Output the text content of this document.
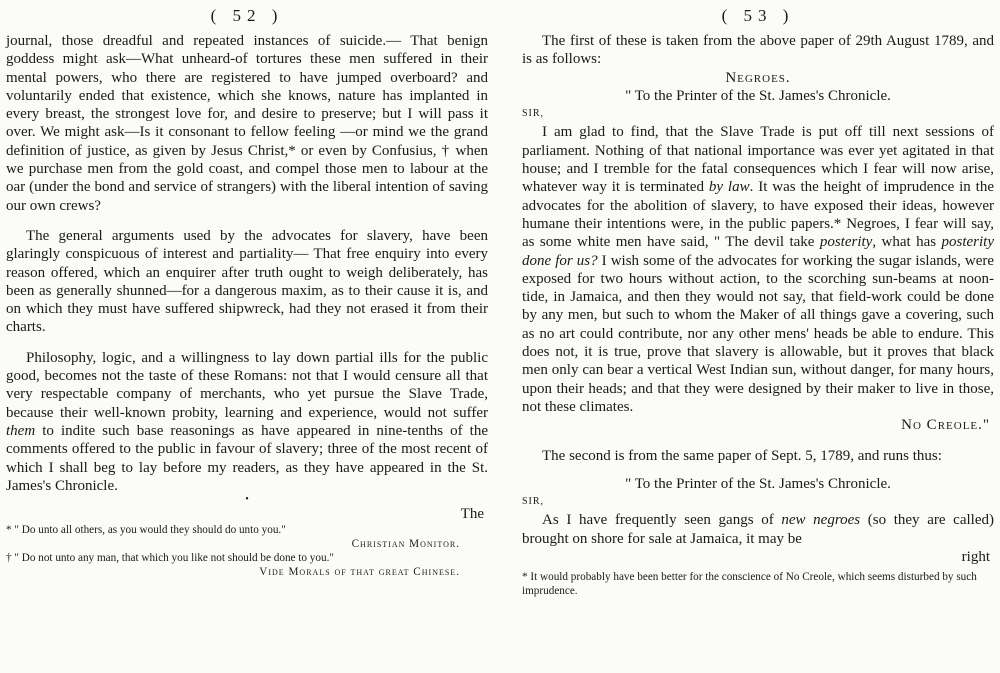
( 52 )

journal, those dreadful and repeated instances of suicide.— That benign goddess might ask—What unheard-of tortures these men suffered in their mental powers, who there are registered to have jumped overboard? and voluntarily ended that existence, which she knows, nature has implanted in every breast, the strongest love for, and desire to preserve; but I will pass it over. We might ask—Is it consonant to fellow feeling —or mind we the grand definition of justice, as given by Jesus Christ,* or even by Confusius, † when we purchase men from the gold coast, and compel those men to labour at the oar (under the bond and service of strangers) with the liberal intention of saving our own crews?

The general arguments used by the advocates for slavery, have been glaringly conspicuous of interest and partiality— That free enquiry into every reason offered, which an enquirer after truth ought to weigh deliberately, has been as generally shunned—for a dangerous maxim, as to their cause it is, and on which they must have suffered shipwreck, had they not erased it from their charts.

Philosophy, logic, and a willingness to lay down partial ills for the public good, becomes not the taste of these Romans: not that I would censure all that very respectable company of merchants, who yet pursue the Slave Trade, because their well-known probity, learning and experience, would not suffer them to indite such base reasonings as have appeared in nine-tenths of the comments offered to the public in favour of slavery; three of the most recent of which I shall beg to lay before my readers, as they have appeared in the St. James's Chronicle.

•
The

* " Do unto all others, as you would they should do unto you."

Christian Monitor.

† " Do not unto any man, that which you like not should be done to you."

Vide Morals of that great Chinese.

( 53 )

The first of these is taken from the above paper of 29th August 1789, and is as follows:

Negroes.

" To the Printer of the St. James's Chronicle.

SIR,

I am glad to find, that the Slave Trade is put off till next sessions of parliament. Nothing of that national importance was ever yet agitated in that house; and I tremble for the fatal consequences which I fear will now arise, whatever way it is terminated by law. It was the height of imprudence in the advocates for the abolition of slavery, to have exposed their ideas, however humane their intentions were, in the public papers.* Negroes, I fear will say, as some white men have said, " The devil take posterity, what has posterity done for us? I wish some of the advocates for working the sugar islands, were exposed for two hours without action, to the scorching sun-beams at noon-tide, in Jamaica, and then they would not say, that field-work could be done by any men, but such to whom the Maker of all things gave a covering, such as no art could contribute, nor any other mens' heads be able to endure. This does not, it is true, prove that slavery is allowable, but it proves that black men only can bear a vertical West Indian sun, without danger, for many hours, upon their heads; and that they were designed by their maker to live in those, not these climates.

No Creole."

The second is from the same paper of Sept. 5, 1789, and runs thus:

" To the Printer of the St. James's Chronicle.

SIR,

As I have frequently seen gangs of new negroes (so they are called) brought on shore for sale at Jamaica, it may be

right
* It would probably have been better for the conscience of No Creole, which seems disturbed by such imprudence.
